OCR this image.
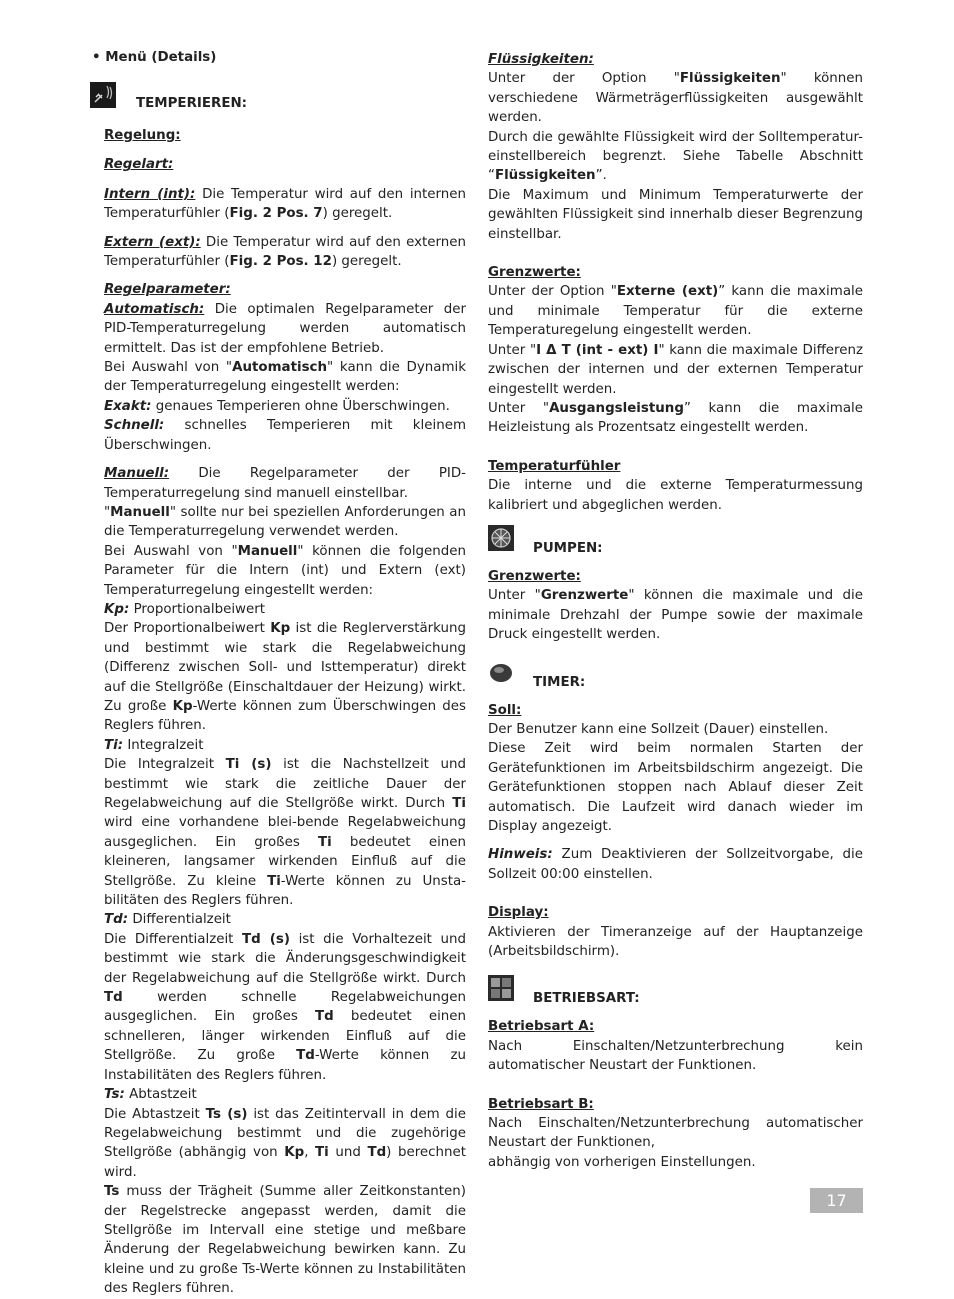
• Menü (Details)
TEMPERIEREN:

Regelung:

Regelart:

Intern (int): Die Temperatur wird auf den internen Temperaturfühler (Fig. 2 Pos. 7) geregelt.

Extern (ext): Die Temperatur wird auf den externen Temperaturfühler (Fig. 2 Pos. 12) geregelt.

Regelparameter:

Automatisch: Die optimalen Regelparameter der PID-Temperaturregelung werden automatisch ermittelt. Das ist der empfohlene Betrieb.

Bei Auswahl von "Automatisch" kann die Dynamik der Temperaturregelung eingestellt werden:

Exakt: genaues Temperieren ohne Überschwingen.

Schnell: schnelles Temperieren mit kleinem Überschwingen.

Manuell: Die Regelparameter der PID-Temperaturregelung sind manuell einstellbar.

"Manuell" sollte nur bei speziellen Anforderungen an die Temperaturregelung verwendet werden.

Bei Auswahl von "Manuell" können die folgenden Parameter für die Intern (int) und Extern (ext) Temperaturregelung eingestellt werden:

Kp: Proportionalbeiwert

Der Proportionalbeiwert Kp ist die Reglerverstärkung und bestimmt wie stark die Regelabweichung (Differenz zwischen Soll- und Isttemperatur) direkt auf die Stellgröße (Einschaltdauer der Heizung) wirkt. Zu große Kp-Werte können zum Überschwingen des Reglers führen.

Ti: Integralzeit

Die Integralzeit Ti (s) ist die Nachstellzeit und bestimmt wie stark die zeitliche Dauer der Regelabweichung auf die Stellgröße wirkt. Durch Ti wird eine vorhandene blei-bende Regelabweichung ausgeglichen. Ein großes Ti bedeutet einen kleineren, langsamer wirkenden Einfluß auf die Stellgröße. Zu kleine Ti-Werte können zu Unsta-bilitäten des Reglers führen.

Td: Differentialzeit

Die Differentialzeit Td (s) ist die Vorhaltezeit und bestimmt wie stark die Änderungsgeschwindigkeit der Regelabweichung auf die Stellgröße wirkt. Durch Td werden schnelle Regelabweichungen ausgeglichen. Ein großes Td bedeutet einen schnelleren, länger wirkenden Einfluß auf die Stellgröße. Zu große Td-Werte können zu Instabilitäten des Reglers führen.

Ts: Abtastzeit

Die Abtastzeit Ts (s) ist das Zeitintervall in dem die Regelabweichung bestimmt und die zugehörige Stellgröße (abhängig von Kp, Ti und Td) berechnet wird.

Ts muss der Trägheit (Summe aller Zeitkonstanten) der Regelstrecke angepasst werden, damit die Stellgröße im Intervall eine stetige und meßbare Änderung der Regelabweichung bewirken kann. Zu kleine und zu große Ts-Werte können zu Instabilitäten des Reglers führen.

Flüssigkeiten:

Unter der Option "Flüssigkeiten" können verschiedene Wärmeträgerflüssigkeiten ausgewählt werden.

Durch die gewählte Flüssigkeit wird der Solltemperatur-einstellbereich begrenzt. Siehe Tabelle Abschnitt “Flüssigkeiten”.

Die Maximum und Minimum Temperaturwerte der gewählten Flüssigkeit sind innerhalb dieser Begrenzung einstellbar.

Grenzwerte:

Unter der Option "Externe (ext)” kann die maximale und minimale Temperatur für die externe Temperaturegelung eingestellt werden.

Unter "I Δ T (int - ext) I" kann die maximale Differenz zwischen der internen und der externen Temperatur eingestellt werden.

Unter "Ausgangsleistung” kann die maximale Heizleistung als Prozentsatz eingestellt werden.

Temperaturfühler

Die interne und die externe Temperaturmessung kalibriert und abgeglichen werden.

PUMPEN:

Grenzwerte:

Unter "Grenzwerte" können die maximale und die minimale Drehzahl der Pumpe sowie der maximale Druck eingestellt werden.

TIMER:

Soll:

Der Benutzer kann eine Sollzeit (Dauer) einstellen.

Diese Zeit wird beim normalen Starten der Gerätefunktionen im Arbeitsbildschirm angezeigt. Die Gerätefunktionen stoppen nach Ablauf dieser Zeit automatisch. Die Laufzeit wird danach wieder im Display angezeigt.

Hinweis: Zum Deaktivieren der Sollzeitvorgabe, die Sollzeit 00:00 einstellen.

Display:

Aktivieren der Timeranzeige auf der Hauptanzeige (Arbeitsbildschirm).

BETRIEBSART:

Betriebsart A:

Nach Einschalten/Netzunterbrechung kein automatischer Neustart der Funktionen.

Betriebsart B:

Nach Einschalten/Netzunterbrechung automatischer Neustart der Funktionen,

abhängig von vorherigen Einstellungen.

17
